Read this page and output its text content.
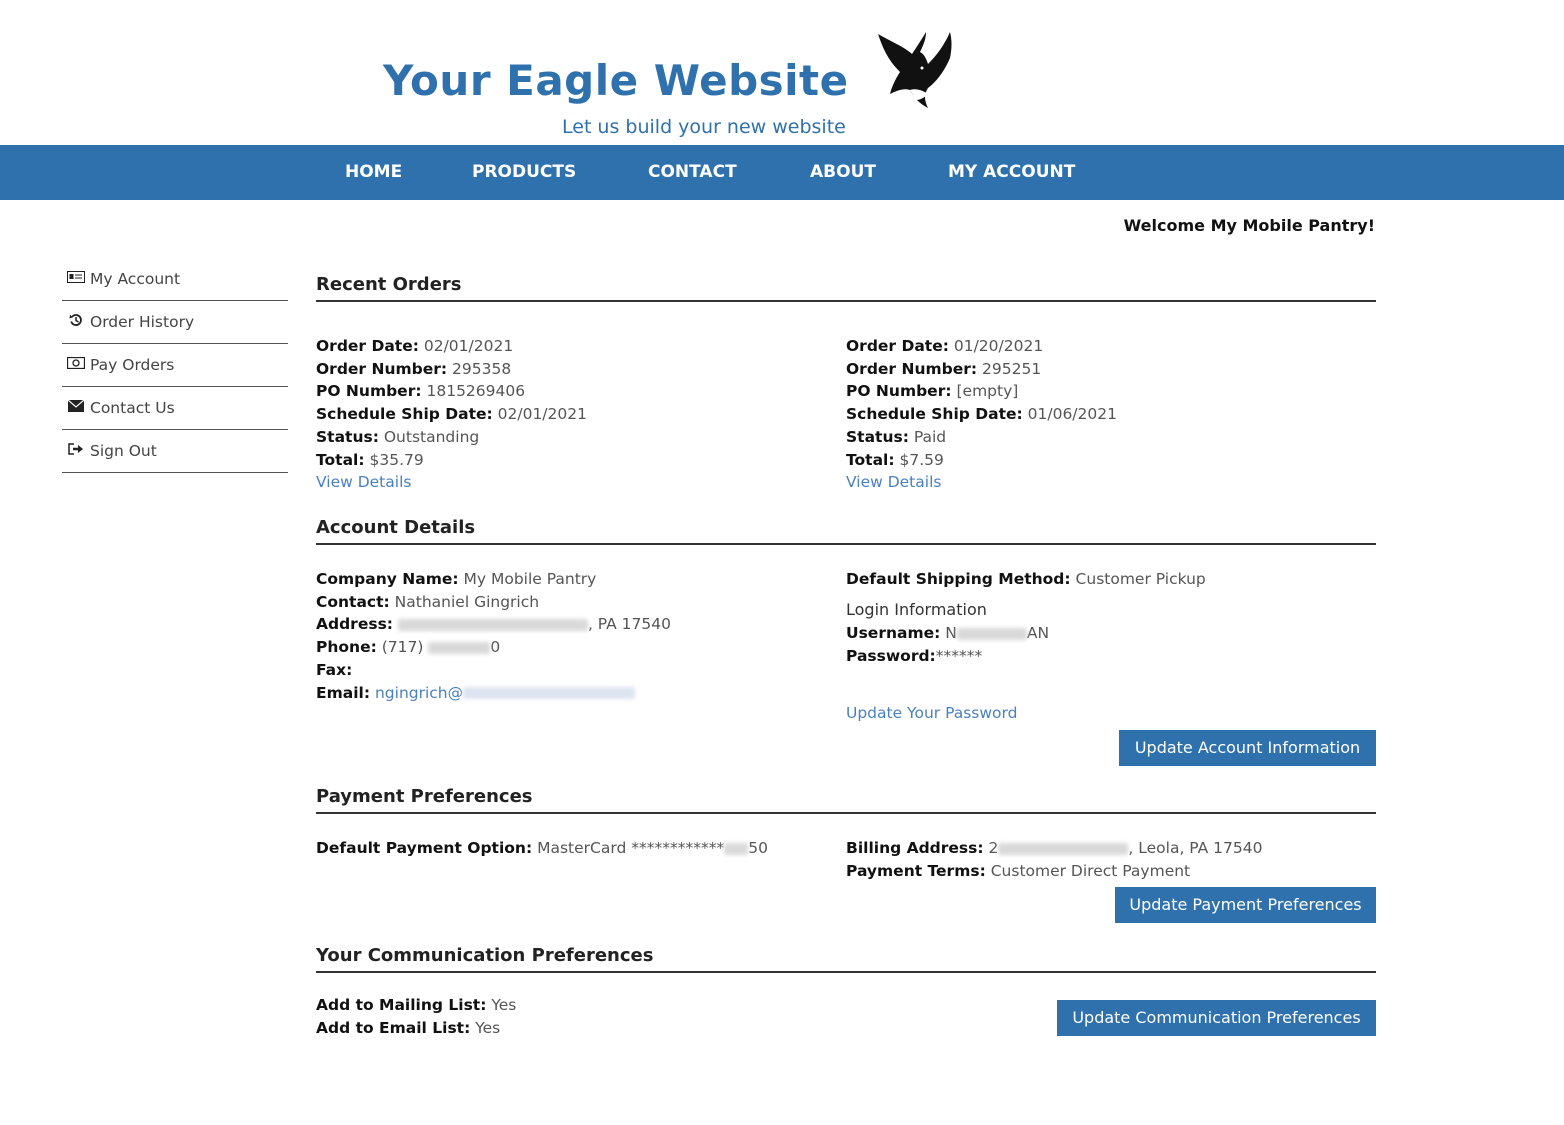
Your Eagle Website
Let us build your new website
HOME	PRODUCTS	CONTACT	ABOUT	MY ACCOUNT
Welcome My Mobile Pantry!
My Account
Order History
Pay Orders
Contact Us
Sign Out
Recent Orders
Order Date: 02/01/2021
Order Number: 295358
PO Number: 1815269406
Schedule Ship Date: 02/01/2021
Status: Outstanding
Total: $35.79
View Details
Order Date: 01/20/2021
Order Number: 295251
PO Number: [empty]
Schedule Ship Date: 01/06/2021
Status: Paid
Total: $7.59
View Details
Account Details
Company Name: My Mobile Pantry
Contact: Nathaniel Gingrich
Address:	, PA 17540
Phone: (717)	0
Fax:
Email: ngingrich@
Default Shipping Method: Customer Pickup
Login Information
Username: N	AN
Password:******
Update Your Password
Update Account Information
Payment Preferences
Default Payment Option: MasterCard ************ 50	Billing Address: 2	, Leola, PA 17540
Payment Terms: Customer Direct Payment
Update Payment Preferences
Your Communication Preferences
Add to Mailing List: Yes
Add to Email List: Yes
Update Communication Preferences
